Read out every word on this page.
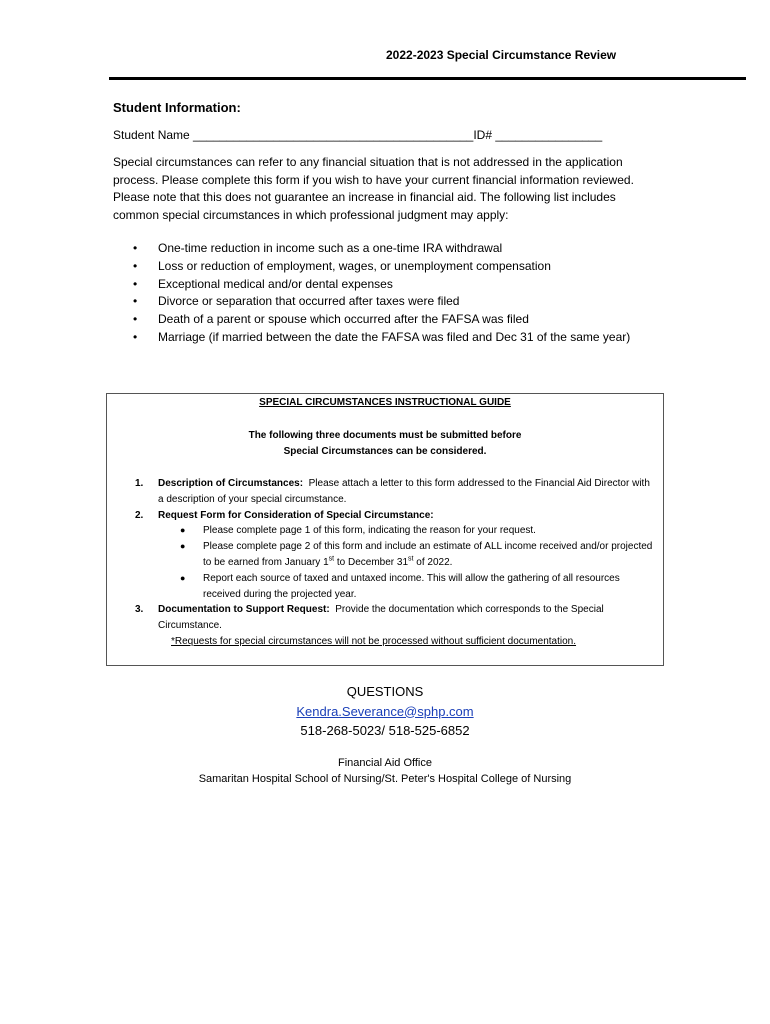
2022-2023 Special Circumstance Review
Student Information:
Student Name __________________________________________ID# ________________
Special circumstances can refer to any financial situation that is not addressed in the application process. Please complete this form if you wish to have your current financial information reviewed. Please note that this does not guarantee an increase in financial aid. The following list includes common special circumstances in which professional judgment may apply:
• One-time reduction in income such as a one-time IRA withdrawal
• Loss or reduction of employment, wages, or unemployment compensation
• Exceptional medical and/or dental expenses
• Divorce or separation that occurred after taxes were filed
• Death of a parent or spouse which occurred after the FAFSA was filed
• Marriage (if married between the date the FAFSA was filed and Dec 31 of the same year)
SPECIAL CIRCUMSTANCES INSTRUCTIONAL GUIDE
The following three documents must be submitted before
Special Circumstances can be considered.
1. Description of Circumstances: Please attach a letter to this form addressed to the Financial Aid Director with a description of your special circumstance.
2. Request Form for Consideration of Special Circumstance:
● Please complete page 1 of this form, indicating the reason for your request.
● Please complete page 2 of this form and include an estimate of ALL income received and/or projected to be earned from January 1st to December 31st of 2022.
● Report each source of taxed and untaxed income. This will allow the gathering of all resources received during the projected year.
3. Documentation to Support Request: Provide the documentation which corresponds to the Special Circumstance.
*Requests for special circumstances will not be processed without sufficient documentation.
QUESTIONS
Kendra.Severance@sphp.com
518-268-5023/ 518-525-6852
Financial Aid Office
Samaritan Hospital School of Nursing/St. Peter's Hospital College of Nursing
